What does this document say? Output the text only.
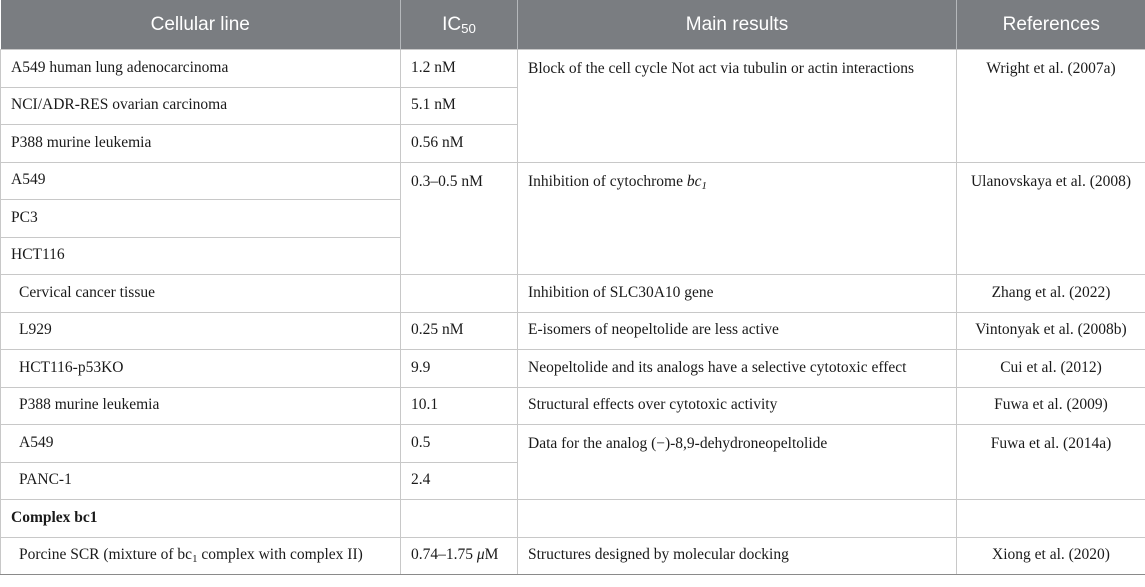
Cellular line	$IC_{50}$	Main results	References
A549 human lung adenocarcinoma	1.2 nM	Block of the cell cycle Not act via tubulin or actin interactions	Wright et al. (2007a)
NCI/ADR-RES ovarian carcinoma	5.1 nM		
P388 murine leukemia	0.56 nM		
A549	0.3–0.5 nM	Inhibition of cytochrome $bc_1$	Ulanovskaya et al. (2008)
PC3			
HCT116			
Cervical cancer tissue		Inhibition of SLC30A10 gene	Zhang et al. (2022)
L929	0.25 nM	E-isomers of neopeltolide are less active	Vintonyak et al. (2008b)
HCT116-p53KO	9.9	Neopeltolide and its analogs have a selective cytotoxic effect	Cui et al. (2012)
P388 murine leukemia	10.1	Structural effects over cytotoxic activity	Fuwa et al. (2009)
A549	0.5	Data for the analog (−)-8,9-dehydroneopeltolide	Fuwa et al. (2014a)
PANC-1	2.4		
Complex bc1			
Porcine SCR (mixture of $bc_1$ complex with complex II)	0.74–1.75 μM	Structures designed by molecular docking	Xiong et al. (2020)
